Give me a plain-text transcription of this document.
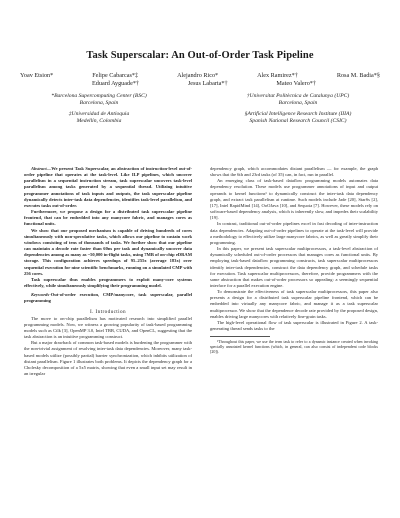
Task Superscalar: An Out-of-Order Task Pipeline
Yoav Etsion*	Felipe Cabarcas*‡	Alejandro Rico*	Alex Ramirez*†	Rosa M. Badia*§
Eduard Ayguade*†	Jesus Labarta*†	Mateo Valero*†
*Barcelona Supercomputing Center (BSC)
Barcelona, Spain
†Universitat Politècnica de Catalunya (UPC)
Barcelona, Spain
‡Universidad de Antioquia
Medellín, Colombia
§Artificial Intelligence Research Institute (IIIA)
Spanish National Research Council (CSIC)

Abstract—We present Task Superscalar, an abstraction of instruction-level out-of-order pipeline that operates at the task-level. Like ILP pipelines, which uncover parallelism in a sequential instruction stream, task superscalar uncovers task-level parallelism among tasks generated by a sequential thread. Utilizing intuitive programmer annotations of task inputs and outputs, the task superscalar pipeline dynamically detects inter-task data dependencies, identifies task-level parallelism, and executes tasks out-of-order.

Furthermore, we propose a design for a distributed task superscalar pipeline frontend, that can be embedded into any manycore fabric, and manages cores as functional units.

We show that our proposed mechanism is capable of driving hundreds of cores simultaneously with non-speculative tasks, which allows our pipeline to sustain work windows consisting of tens of thousands of tasks. We further show that our pipeline can maintain a decode rate faster than 60ns per task and dynamically uncover data dependencies among as many as ~50,000 in-flight tasks, using 7MB of on-chip eDRAM storage. This configuration achieves speedups of 95–255x (average 183x) over sequential execution for nine scientific benchmarks, running on a simulated CMP with 256 cores.

Task superscalar thus enables programmers to exploit many-core systems effectively, while simultaneously simplifying their programming model.

Keywords-Out-of-order execution, CMP/manycore, task superscalar, parallel programming

I. Introduction

The move to on-chip parallelism has motivated research into simplified parallel programming models. Now, we witness a growing popularity of task-based programming models such as Cilk [3], OpenMP 3.0, Intel TBB, CUDA, and OpenCL, suggesting that the task abstraction is an intuitive programming construct.

But a major drawback of common task-based models is burdening the programmer with the non-trivial assignment of resolving inter-task data dependencies. Moreover, many task-based models utilize (possibly partial) barrier synchronization, which inhibits utilization of distant parallelism. Figure 1 illustrates both problems. It depicts the dependency graph for a Cholesky decomposition of a 5x5 matrix, showing that even a small input set may result in an irregular

dependency graph, which accommodates distant parallelism — for example, the graph shows that the 6th and 23rd tasks (of 35) can, in fact, run in parallel.

An emerging class of task-based dataflow programming models automates data dependency resolution. These models use programmer annotations of input and output operands to kernel functions¹ to dynamically construct the inter-task data dependency graph, and extract task parallelism at runtime. Such models include Jade [20], StarSs [2], [17], Intel RapidMind [14], OoOJava [10], and Sequoia [7]. However, these models rely on software-based dependency analysis, which is inherently slow, and impedes their scalability [19].

In contrast, traditional out-of-order pipelines excel in fast decoding of inter-instruction data dependencies. Adapting out-of-order pipelines to operate at the task-level will provide a methodology to effectively utilize large manycore fabrics, as well as greatly simplify their programming.

In this paper, we present task superscalar multiprocessors, a task-level abstraction of dynamically scheduled out-of-order processors that manages cores as functional units. By employing task-based dataflow programming constructs, task superscalar multiprocessors identify inter-task dependencies, construct the data dependency graph, and schedule tasks for execution. Task superscalar multiprocessors, therefore, provide programmers with the same abstraction that makes out-of-order processors so appealing: a seemingly sequential interface for a parallel execution engine.

To demonstrate the effectiveness of task superscalar multiprocessors, this paper also presents a design for a distributed task superscalar pipeline frontend, which can be embedded into virtually any manycore fabric, and manage it as a task superscalar multiprocessor. We show that the dependence decode rate provided by the proposed design, enables driving large manycores with relatively fine-grain tasks.

The high-level operational flow of task superscalar is illustrated in Figure 2. A task-generating thread sends tasks to the

¹Throughout this paper, we use the term task to refer to a dynamic instance created when invoking specially annotated kernel functions (which, in general, can also consist of independent code blocks [20]).
